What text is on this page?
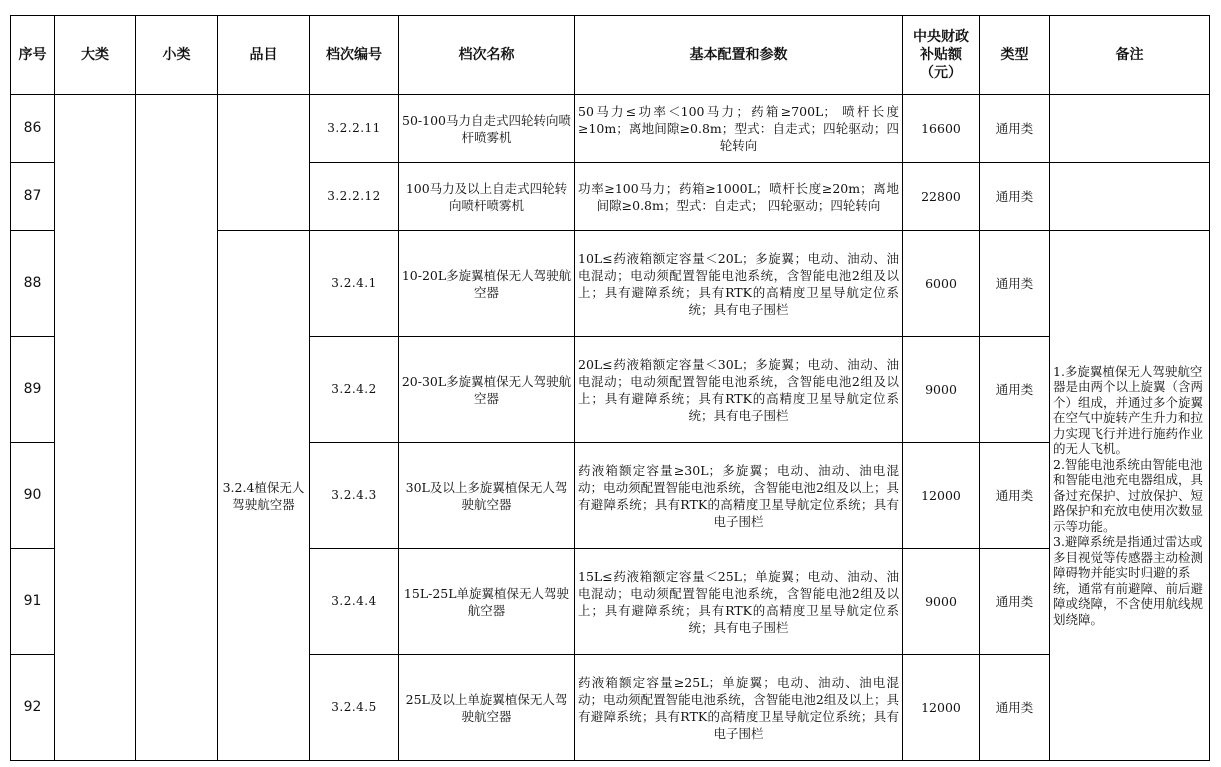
序号	大类	小类	品目	档次编号	档次名称	基本配置和参数	中央财政补贴额（元）	类型	备注
86				3.2.2.11	50-100马力自走式四轮转向喷杆喷雾机	50马力≤功率＜100马力；药箱≥700L； 喷杆长度≥10m；离地间隙≥0.8m；型式：自走式；四轮驱动；四轮转向	16600	通用类	
87				3.2.2.12	100马力及以上自走式四轮转向喷杆喷雾机	功率≥100马力；药箱≥1000L；喷杆长度≥20m；离地间隙≥0.8m；型式：自走式； 四轮驱动；四轮转向	22800	通用类	
88			3.2.4植保无人驾驶航空器	3.2.4.1	10-20L多旋翼植保无人驾驶航空器	10L≤药液箱额定容量＜20L；多旋翼；电动、油动、油电混动；电动须配置智能电池系统，含智能电池2组及以上；具有避障系统；具有RTK的高精度卫星导航定位系统；具有电子围栏	6000	通用类	1.多旋翼植保无人驾驶航空器是由两个以上旋翼（含两个）组成，并通过多个旋翼在空气中旋转产生升力和拉力实现飞行并进行施药作业的无人飞机。

2.智能电池系统由智能电池和智能电池充电器组成，具备过充保护、过放保护、短路保护和充放电使用次数显示等功能。

3.避障系统是指通过雷达或多目视觉等传感器主动检测障碍物并能实时归避的系统，通常有前避障、前后避障或绕障，不含使用航线规划绕障。

89				3.2.4.2	20-30L多旋翼植保无人驾驶航空器	20L≤药液箱额定容量＜30L；多旋翼；电动、油动、油电混动；电动须配置智能电池系统，含智能电池2组及以上；具有避障系统；具有RTK的高精度卫星导航定位系统；具有电子围栏	9000	通用类	
90				3.2.4.3	30L及以上多旋翼植保无人驾驶航空器	药液箱额定容量≥30L；多旋翼；电动、油动、油电混动；电动须配置智能电池系统，含智能电池2组及以上；具有避障系统；具有RTK的高精度卫星导航定位系统；具有电子围栏	12000	通用类	
91				3.2.4.4	15L-25L单旋翼植保无人驾驶航空器	15L≤药液箱额定容量＜25L；单旋翼；电动、油动、油电混动；电动须配置智能电池系统，含智能电池2组及以上；具有避障系统；具有RTK的高精度卫星导航定位系统；具有电子围栏	9000	通用类	
92				3.2.4.5	25L及以上单旋翼植保无人驾驶航空器	药液箱额定容量≥25L；单旋翼；电动、油动、油电混动；电动须配置智能电池系统，含智能电池2组及以上；具有避障系统；具有RTK的高精度卫星导航定位系统；具有电子围栏	12000	通用类	
